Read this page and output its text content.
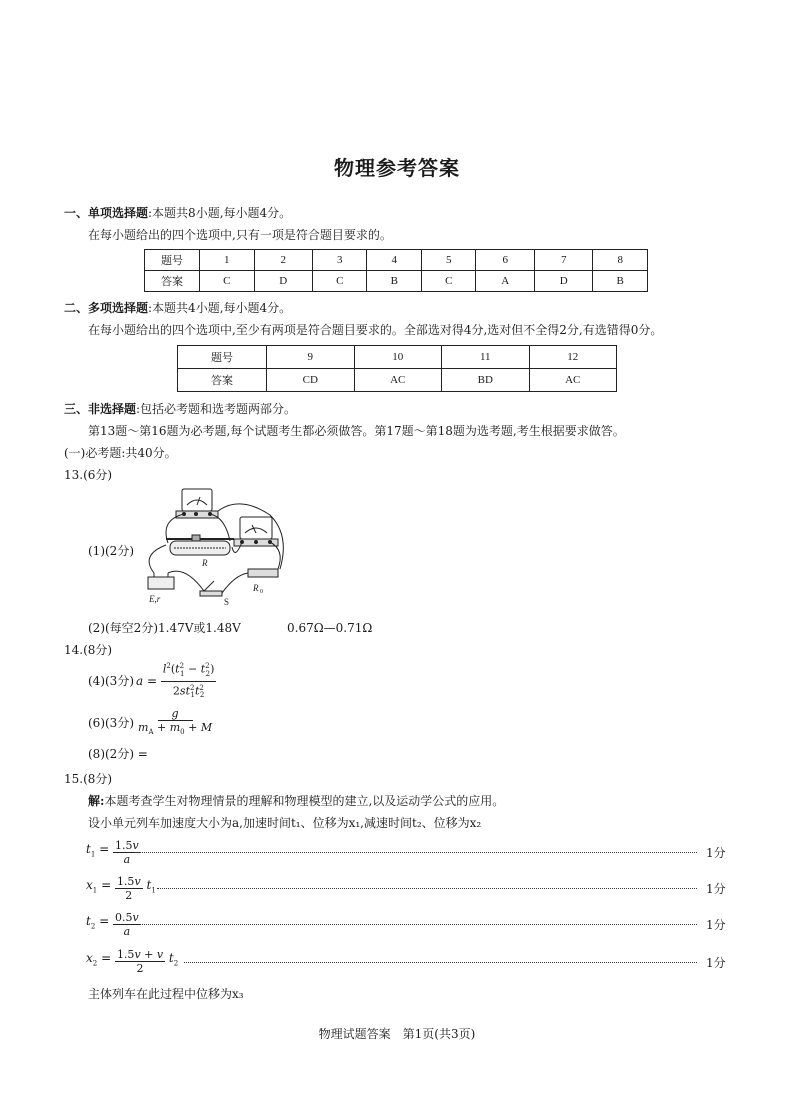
物理参考答案
一、单项选择题:本题共8小题,每小题4分。
在每小题给出的四个选项中,只有一项是符合题目要求的。
题号	1	2	3	4	5	6	7	8
答案	C	D	C	B	C	A	D	B
二、多项选择题:本题共4小题,每小题4分。
在每小题给出的四个选项中,至少有两项是符合题目要求的。全部选对得4分,选对但不全得2分,有选错得0分。
题号	9	10	11	12
答案	CD	AC	BD	AC
三、非选择题:包括必考题和选考题两部分。
第13题～第16题为必考题,每个试题考生都必须做答。第17题～第18题为选考题,考生根据要求做答。
(一)必考题:共40分。
13.(6分)
(1)(2分)
R
R 0
E,r	S
(2)(每空2分)1.47V或1.48V	0.67Ω—0.71Ω
14.(8分)
(4)(3分) $a = \frac{l^2(t^2_1 - t^2_2)}{2st^2_1t^2_2}$
(6)(3分) $\frac{g}{m_A + m_0 + M}$
(8)(2分) =
15.(8分)
解:本题考查学生对物理情景的理解和物理模型的建立,以及运动学公式的应用。
设小单元列车加速度大小为a,加速时间t₁、位移为x₁,减速时间t₂、位移为x₂
$t_1 = \frac{1.5v}{a}$	1分
$x_1 = \frac{1.5v}{2} t_1$	1分
$t_2 = \frac{0.5v}{a}$	1分
$x_2 = \frac{1.5v + v}{2} t_2$	1分
主体列车在此过程中位移为x₃
物理试题答案　第1页(共3页)
